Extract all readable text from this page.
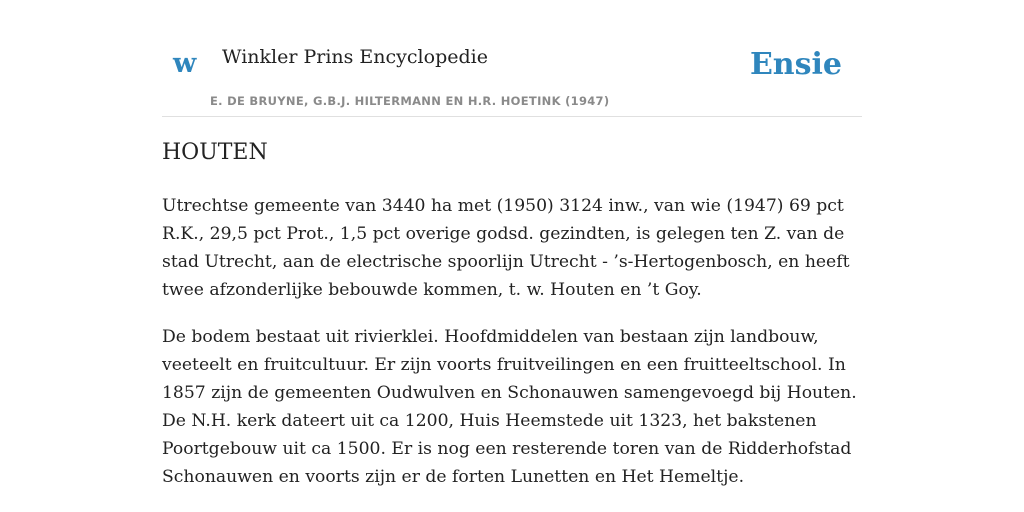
w Winkler Prins Encyclopedie
E. DE BRUYNE, G.B.J. HILTERMANN EN H.R. HOETINK (1947)
Ensie
HOUTEN

Utrechtse gemeente van 3440 ha met (1950) 3124 inw., van wie (1947) 69 pct R.K., 29,5 pct Prot., 1,5 pct overige godsd. gezindten, is gelegen ten Z. van de stad Utrecht, aan de electrische spoorlijn Utrecht - ’s-Hertogenbosch, en heeft twee afzonderlijke bebouwde kommen, t. w. Houten en ’t Goy.

De bodem bestaat uit rivierklei. Hoofdmiddelen van bestaan zijn landbouw, veeteelt en fruitcultuur. Er zijn voorts fruitveilingen en een fruitteeltschool. In 1857 zijn de gemeenten Oudwulven en Schonauwen samengevoegd bij Houten. De N.H. kerk dateert uit ca 1200, Huis Heemstede uit 1323, het bakstenen Poortgebouw uit ca 1500. Er is nog een resterende toren van de Ridderhofstad Schonauwen en voorts zijn er de forten Lunetten en Het Hemeltje.
